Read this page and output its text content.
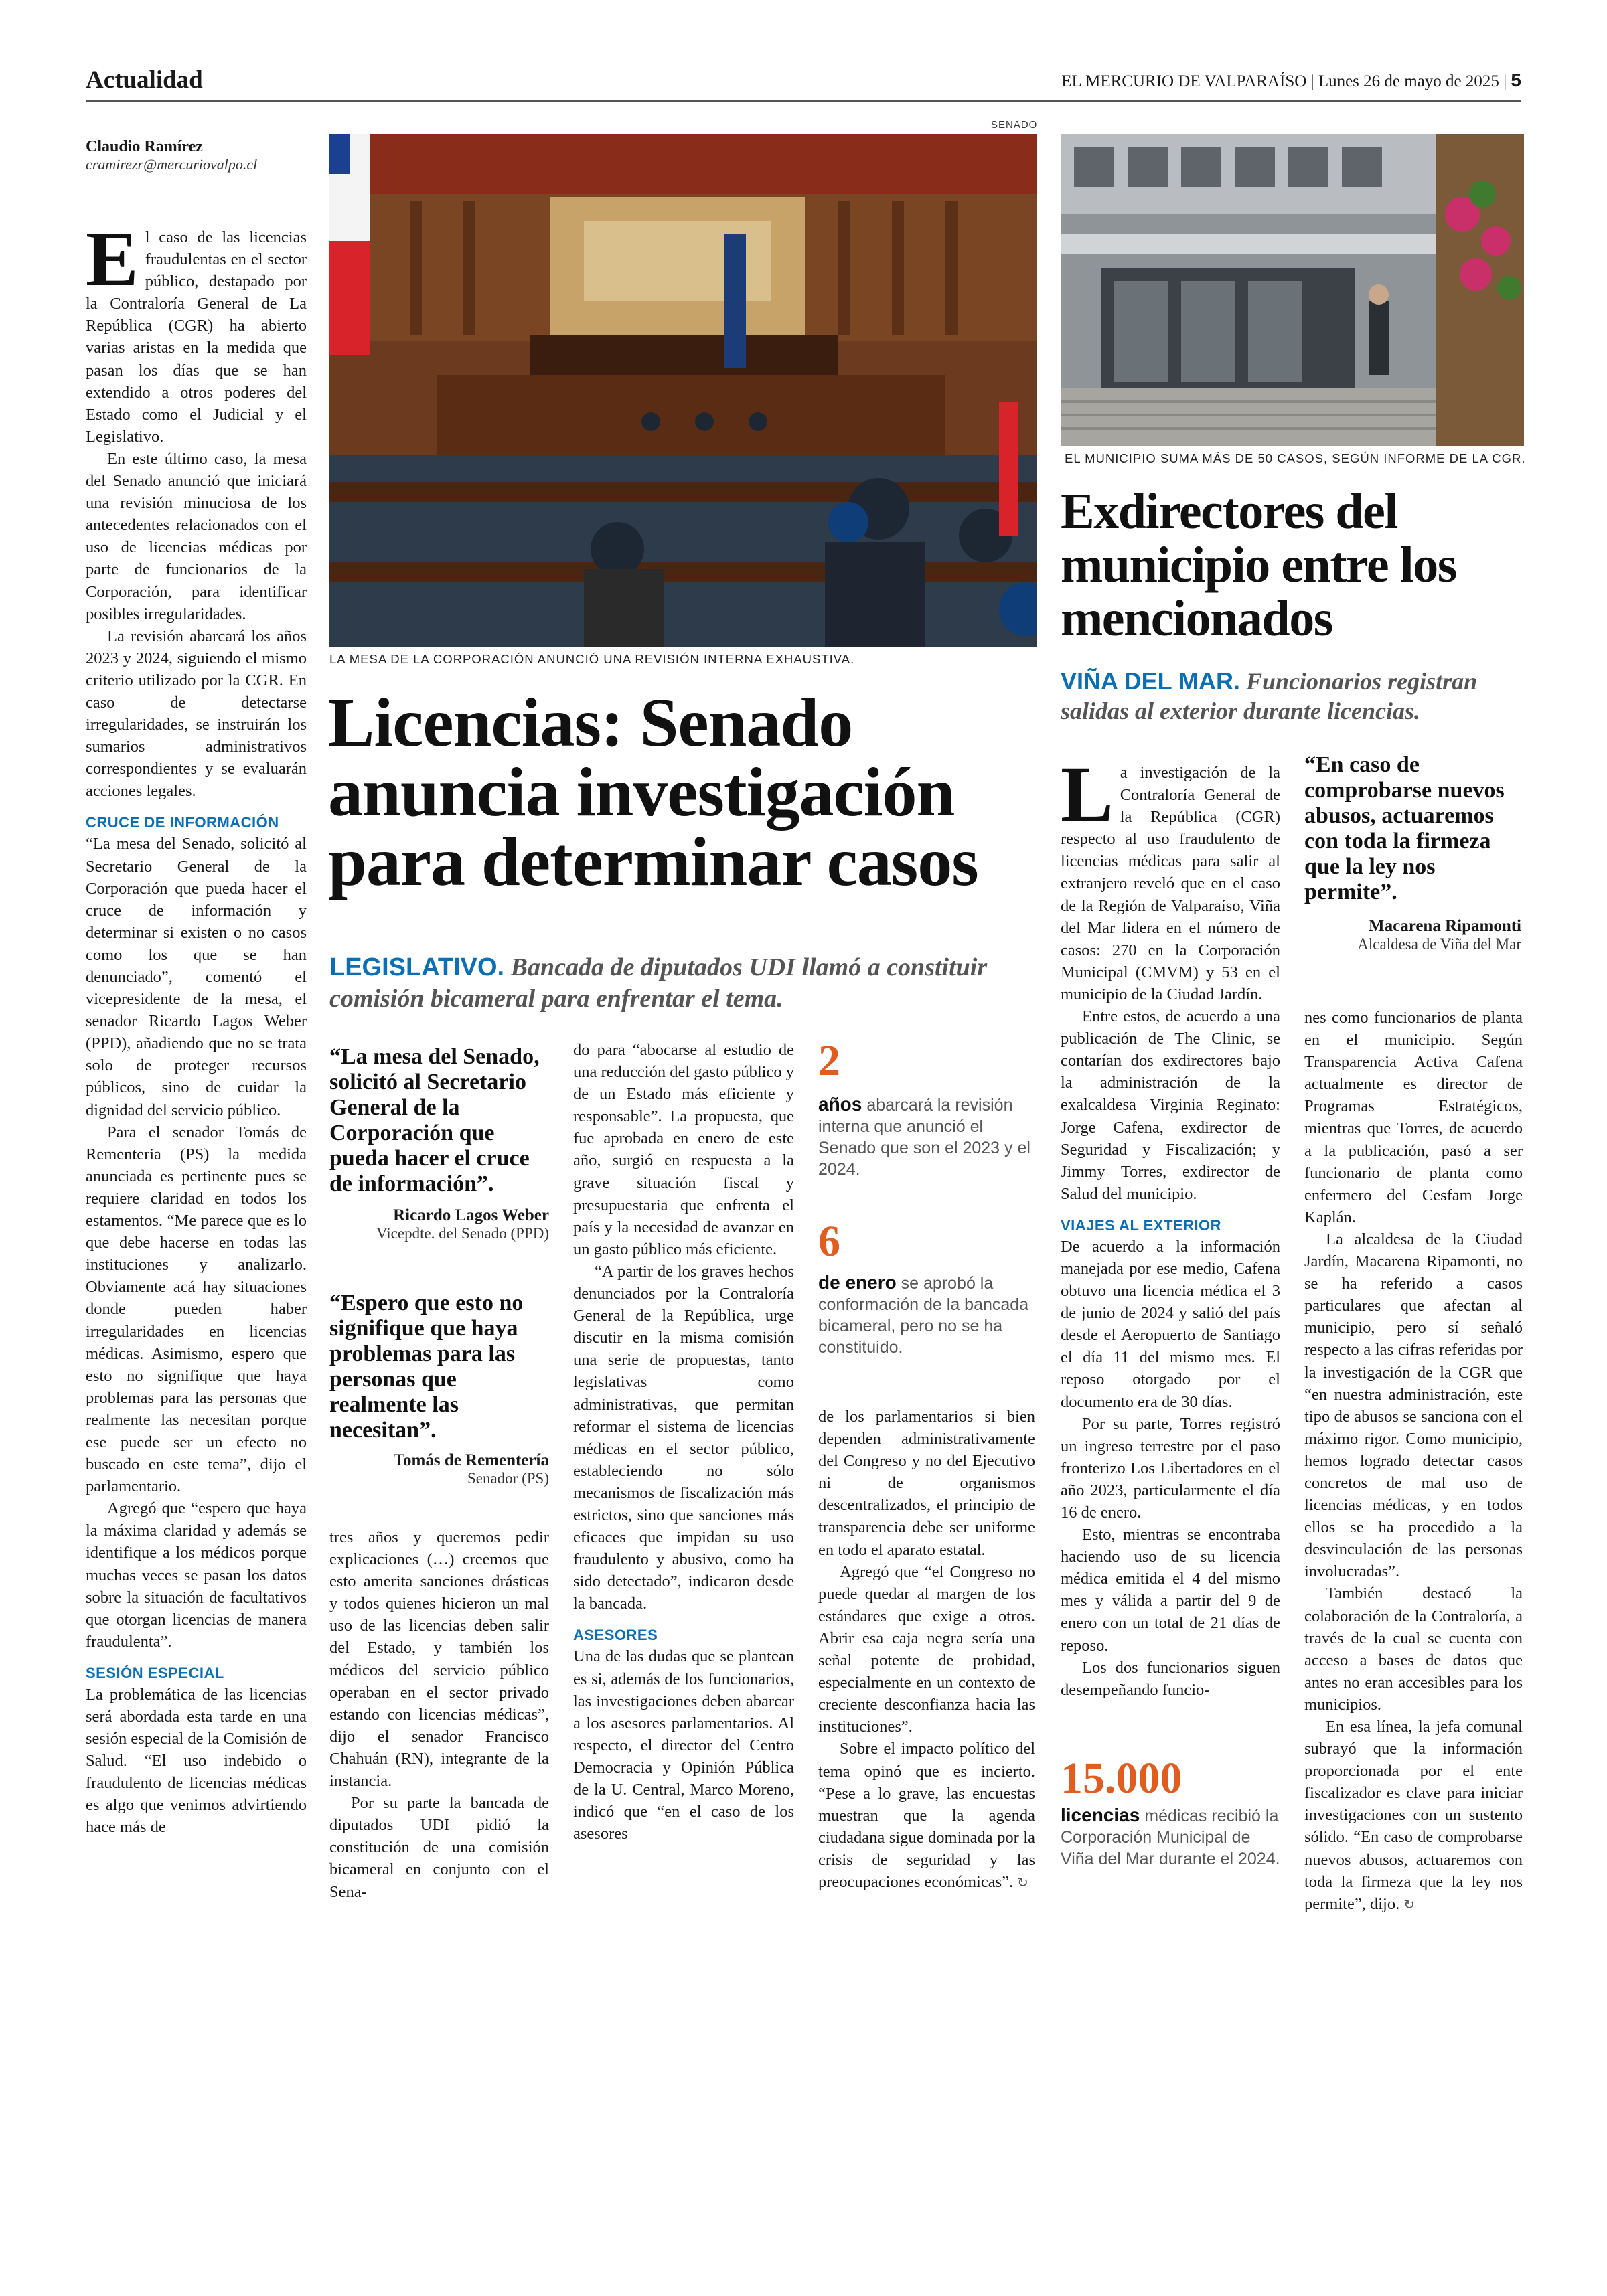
Actualidad	EL MERCURIO DE VALPARAÍSO | Lunes 26 de mayo de 2025 | 5
Claudio Ramírez
cramirezr@mercuriovalpo.cl
SENADO
LA MESA DE LA CORPORACIÓN ANUNCIÓ UNA REVISIÓN INTERNA EXHAUSTIVA.
EL MUNICIPIO SUMA MÁS DE 50 CASOS, SEGÚN INFORME DE LA CGR.

El caso de las licencias fraudulentas en el sector público, destapado por la Contraloría General de La República (CGR) ha abierto varias aristas en la medida que pasan los días que se han extendido a otros poderes del Estado como el Judicial y el Legislativo.

En este último caso, la mesa del Senado anunció que iniciará una revisión minuciosa de los antecedentes relacionados con el uso de licencias médicas por parte de funcionarios de la Corporación, para identificar posibles irregularidades.

La revisión abarcará los años 2023 y 2024, siguiendo el mismo criterio utilizado por la CGR. En caso de detectarse irregularidades, se instruirán los sumarios administrativos correspondientes y se evaluarán acciones legales.

CRUCE DE INFORMACIÓN

“La mesa del Senado, solicitó al Secretario General de la Corporación que pueda hacer el cruce de información y determinar si existen o no casos como los que se han denunciado”, comentó el vicepresidente de la mesa, el senador Ricardo Lagos Weber (PPD), añadiendo que no se trata solo de proteger recursos públicos, sino de cuidar la dignidad del servicio público.

Para el senador Tomás de Rementeria (PS) la medida anunciada es pertinente pues se requiere claridad en todos los estamentos. “Me parece que es lo que debe hacerse en todas las instituciones y analizarlo. Obviamente acá hay situaciones donde pueden haber irregularidades en licencias médicas. Asimismo, espero que esto no signifique que haya problemas para las personas que realmente las necesitan porque ese puede ser un efecto no buscado en este tema”, dijo el parlamentario.

Agregó que “espero que haya la máxima claridad y además se identifique a los médicos porque muchas veces se pasan los datos sobre la situación de facultativos que otorgan licencias de manera fraudulenta”.

SESIÓN ESPECIAL

La problemática de las licencias será abordada esta tarde en una sesión especial de la Comisión de Salud. “El uso indebido o fraudulento de licencias médicas es algo que venimos advirtiendo hace más de

Licencias: Senado anuncia investigación para determinar casos
LEGISLATIVO. Bancada de diputados UDI llamó a constituir comisión bicameral para enfrentar el tema.
“La mesa del Senado, solicitó al Secretario General de la Corporación que pueda hacer el cruce de información”.
Ricardo Lagos Weber
Vicepdte. del Senado (PPD)
“Espero que esto no signifique que haya problemas para las personas que realmente las necesitan”.
Tomás de Rementería
Senador (PS)

tres años y queremos pedir explicaciones (…) creemos que esto amerita sanciones drásticas y todos quienes hicieron un mal uso de las licencias deben salir del Estado, y también los médicos del servicio público operaban en el sector privado estando con licencias médicas”, dijo el senador Francisco Chahuán (RN), integrante de la instancia.

Por su parte la bancada de diputados UDI pidió la constitución de una comisión bicameral en conjunto con el Sena-

do para “abocarse al estudio de una reducción del gasto público y de un Estado más eficiente y responsable”. La propuesta, que fue aprobada en enero de este año, surgió en respuesta a la grave situación fiscal y presupuestaria que enfrenta el país y la necesidad de avanzar en un gasto público más eficiente.

“A partir de los graves hechos denunciados por la Contraloría General de la República, urge discutir en la misma comisión una serie de propuestas, tanto legislativas como administrativas, que permitan reformar el sistema de licencias médicas en el sector público, estableciendo no sólo mecanismos de fiscalización más estrictos, sino que sanciones más eficaces que impidan su uso fraudulento y abusivo, como ha sido detectado”, indicaron desde la bancada.

ASESORES

Una de las dudas que se plantean es si, además de los funcionarios, las investigaciones deben abarcar a los asesores parlamentarios. Al respecto, el director del Centro Democracia y Opinión Pública de la U. Central, Marco Moreno, indicó que “en el caso de los asesores

2
años abarcará la revisión interna que anunció el Senado que son el 2023 y el 2024.
6
de enero se aprobó la conformación de la bancada bicameral, pero no se ha constituido.

de los parlamentarios si bien dependen administrativamente del Congreso y no del Ejecutivo ni de organismos descentralizados, el principio de transparencia debe ser uniforme en todo el aparato estatal.

Agregó que “el Congreso no puede quedar al margen de los estándares que exige a otros. Abrir esa caja negra sería una señal potente de probidad, especialmente en un contexto de creciente desconfianza hacia las instituciones”.

Sobre el impacto político del tema opinó que es incierto. “Pese a lo grave, las encuestas muestran que la agenda ciudadana sigue dominada por la crisis de seguridad y las preocupaciones económicas”. ↻

Exdirectores del municipio entre los mencionados
VIÑA DEL MAR. Funcionarios registran salidas al exterior durante licencias.
“En caso de comprobarse nuevos abusos, actuaremos con toda la firmeza que la ley nos permite”.
Macarena Ripamonti
Alcaldesa de Viña del Mar

La investigación de la Contraloría General de la República (CGR) respecto al uso fraudulento de licencias médicas para salir al extranjero reveló que en el caso de la Región de Valparaíso, Viña del Mar lidera en el número de casos: 270 en la Corporación Municipal (CMVM) y 53 en el municipio de la Ciudad Jardín.

Entre estos, de acuerdo a una publicación de The Clinic, se contarían dos exdirectores bajo la administración de la exalcaldesa Virginia Reginato: Jorge Cafena, exdirector de Seguridad y Fiscalización; y Jimmy Torres, exdirector de Salud del municipio.

VIAJES AL EXTERIOR

De acuerdo a la información manejada por ese medio, Cafena obtuvo una licencia médica el 3 de junio de 2024 y salió del país desde el Aeropuerto de Santiago el día 11 del mismo mes. El reposo otorgado por el documento era de 30 días.

Por su parte, Torres registró un ingreso terrestre por el paso fronterizo Los Libertadores en el año 2023, particularmente el día 16 de enero.

Esto, mientras se encontraba haciendo uso de su licencia médica emitida el 4 del mismo mes y válida a partir del 9 de enero con un total de 21 días de reposo.

Los dos funcionarios siguen desempeñando funcio-

15.000
licencias médicas recibió la Corporación Municipal de Viña del Mar durante el 2024.

nes como funcionarios de planta en el municipio. Según Transparencia Activa Cafena actualmente es director de Programas Estratégicos, mientras que Torres, de acuerdo a la publicación, pasó a ser funcionario de planta como enfermero del Cesfam Jorge Kaplán.

La alcaldesa de la Ciudad Jardín, Macarena Ripamonti, no se ha referido a casos particulares que afectan al municipio, pero sí señaló respecto a las cifras referidas por la investigación de la CGR que “en nuestra administración, este tipo de abusos se sanciona con el máximo rigor. Como municipio, hemos logrado detectar casos concretos de mal uso de licencias médicas, y en todos ellos se ha procedido a la desvinculación de las personas involucradas”.

También destacó la colaboración de la Contraloría, a través de la cual se cuenta con acceso a bases de datos que antes no eran accesibles para los municipios.

En esa línea, la jefa comunal subrayó que la información proporcionada por el ente fiscalizador es clave para iniciar investigaciones con un sustento sólido. “En caso de comprobarse nuevos abusos, actuaremos con toda la firmeza que la ley nos permite”, dijo. ↻
